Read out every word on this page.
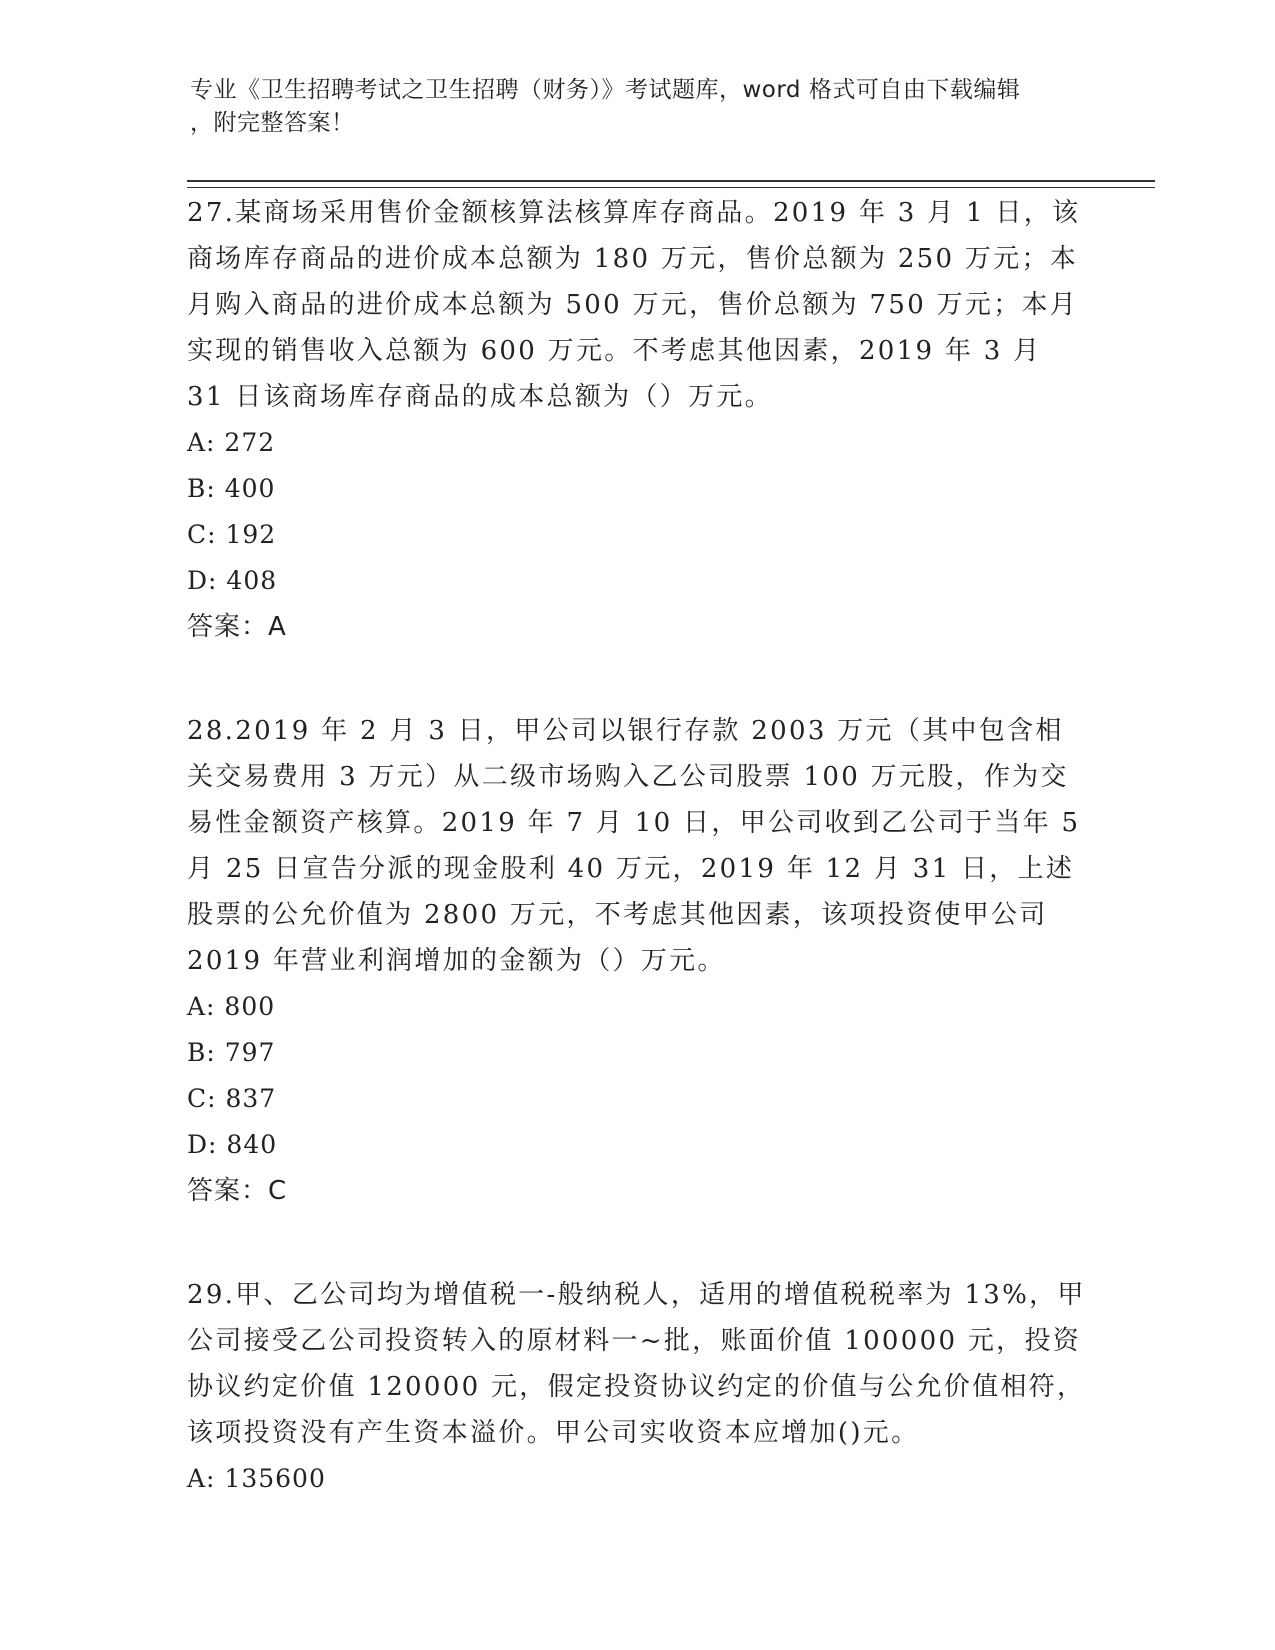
专业《卫生招聘考试之卫生招聘（财务）》考试题库，word 格式可自由下载编辑
，附完整答案！

27.某商场采用售价金额核算法核算库存商品。2019 年 3 月 1 日，该商场库存商品的进价成本总额为 180 万元，售价总额为 250 万元；本月购入商品的进价成本总额为 500 万元，售价总额为 750 万元；本月实现的销售收入总额为 600 万元。不考虑其他因素，2019 年 3 月 31 日该商场库存商品的成本总额为（）万元。

A: 272

B: 400

C: 192

D: 408

答案：A

28.2019 年 2 月 3 日，甲公司以银行存款 2003 万元（其中包含相关交易费用 3 万元）从二级市场购入乙公司股票 100 万元股，作为交易性金额资产核算。2019 年 7 月 10 日，甲公司收到乙公司于当年 5 月 25 日宣告分派的现金股利 40 万元，2019 年 12 月 31 日，上述股票的公允价值为 2800 万元，不考虑其他因素，该项投资使甲公司 2019 年营业利润增加的金额为（）万元。

A: 800

B: 797

C: 837

D: 840

答案：C

29.甲、乙公司均为增值税一-般纳税人，适用的增值税税率为 13%，甲公司接受乙公司投资转入的原材料一~批，账面价值 100000 元，投资协议约定价值 120000 元，假定投资协议约定的价值与公允价值相符，该项投资没有产生资本溢价。甲公司实收资本应增加()元。

A: 135600
